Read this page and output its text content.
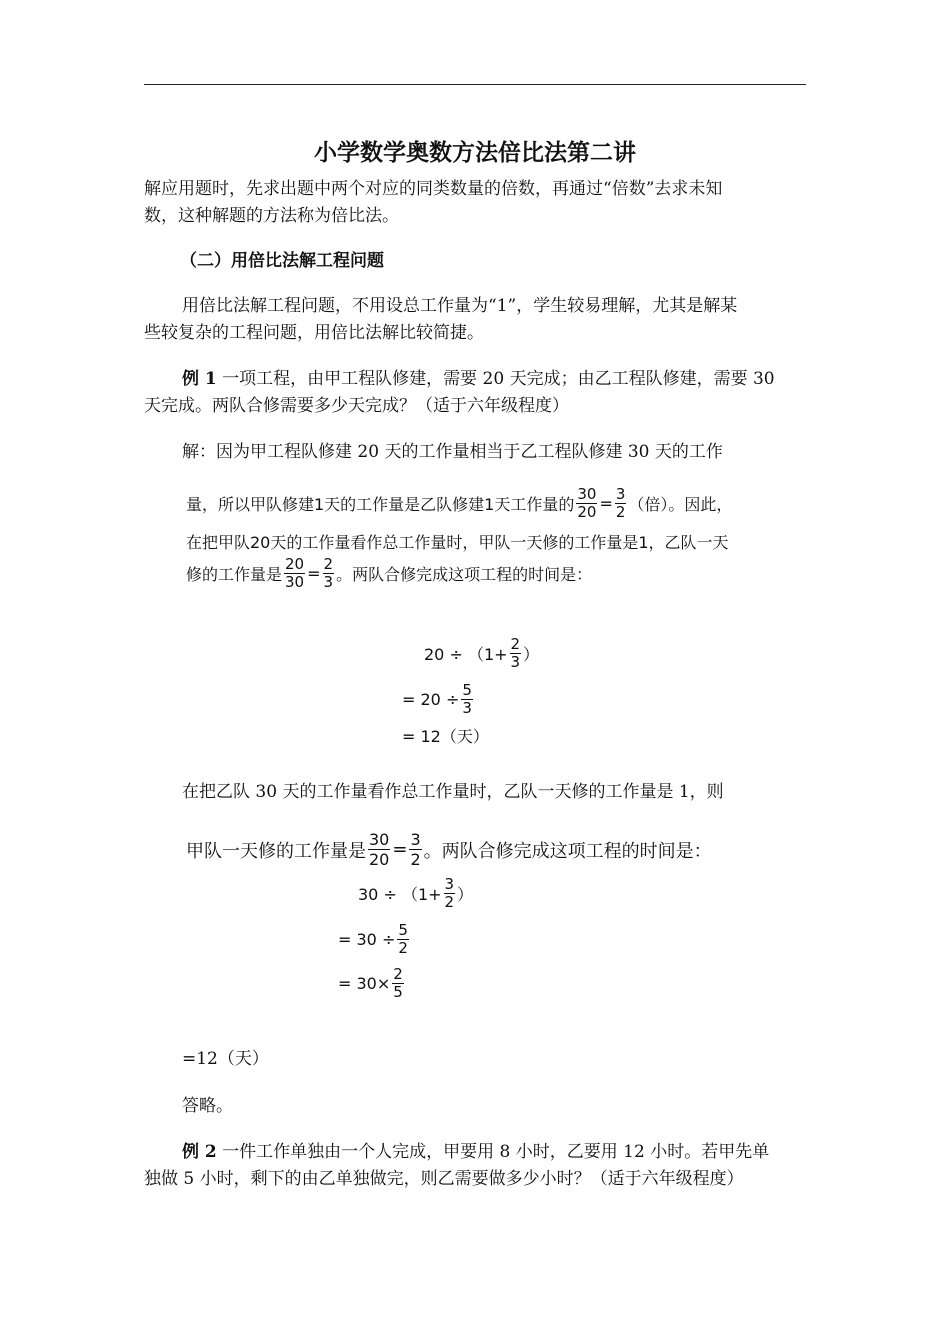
小学数学奥数方法倍比法第二讲
解应用题时，先求出题中两个对应的同类数量的倍数，再通过“倍数”去求未知
数，这种解题的方法称为倍比法。
（二）用倍比法解工程问题
用倍比法解工程问题，不用设总工作量为“1”，学生较易理解，尤其是解某
些较复杂的工程问题，用倍比法解比较简捷。
例 1 一项工程，由甲工程队修建，需要 20 天完成；由乙工程队修建，需要 30
天完成。两队合修需要多少天完成？（适于六年级程度）
解：因为甲工程队修建 20 天的工作量相当于乙工程队修建 30 天的工作
量，所以甲队修建1天的工作量是乙队修建1天工作量的 $\frac{30}{20} = \frac{3}{2}$ （倍）。因此，
在把甲队20天的工作量看作总工作量时，甲队一天修的工作量是1，乙队一天
修的工作量是 $\frac{20}{30} = \frac{2}{3}$ 。两队合修完成这项工程的时间是：
$20 \div (1+ \frac{2}{3}$ ）
= $20 \div \frac{5}{3}$
= 12（天）
在把乙队 30 天的工作量看作总工作量时，乙队一天修的工作量是 1，则
甲队一天修的工作量是 $\frac{30}{20} = \frac{3}{2}$ 。两队合修完成这项工程的时间是：
$30 \div (1+ \frac{3}{2}$ ）
= $30 \div \frac{5}{2}$
= $30\times \frac{2}{5}$
=12（天）
答略。
例 2 一件工作单独由一个人完成，甲要用 8 小时，乙要用 12 小时。若甲先单
独做 5 小时，剩下的由乙单独做完，则乙需要做多少小时？（适于六年级程度）
